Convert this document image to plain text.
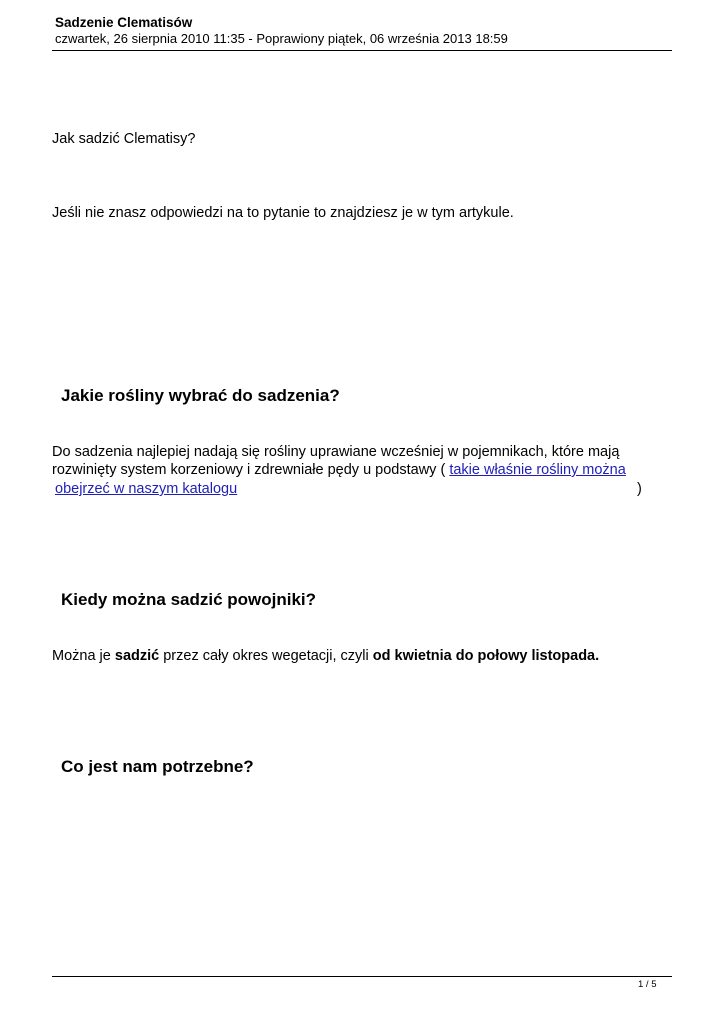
Sadzenie Clematisów
czwartek, 26 sierpnia 2010 11:35 - Poprawiony piątek, 06 września 2013 18:59
Jak sadzić Clematisy?
Jeśli nie znasz odpowiedzi na to pytanie to znajdziesz je w tym artykule.
Jakie rośliny wybrać do sadzenia?
Do sadzenia najlepiej nadają się rośliny uprawiane wcześniej w pojemnikach, które mają
rozwinięty system korzeniowy i zdrewniałe pędy u podstawy ( takie właśnie rośliny można
obejrzeć w naszym katalogu	)
Kiedy można sadzić powojniki?
Można je sadzić przez cały okres wegetacji, czyli od kwietnia do połowy listopada.
Co jest nam potrzebne?
1 / 5
